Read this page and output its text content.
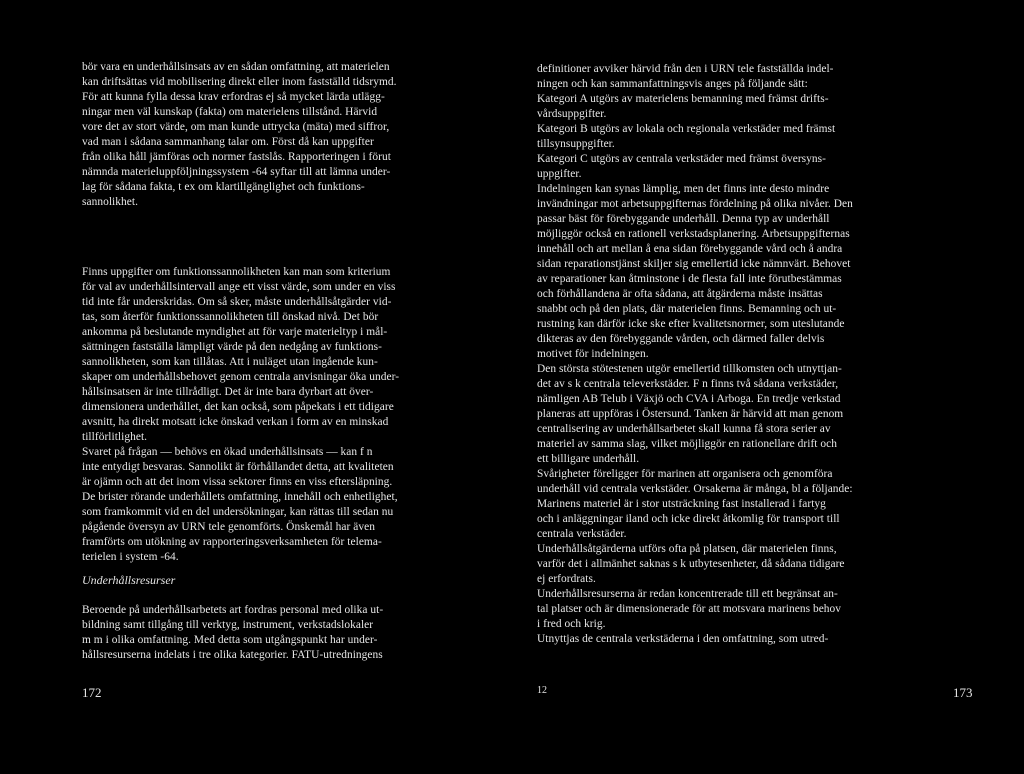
bör vara en underhållsinsats av en sådan omfattning, att materielen
kan driftsättas vid mobilisering direkt eller inom fastställd tidsrymd.
För att kunna fylla dessa krav erfordras ej så mycket lärda utlägg-
ningar men väl kunskap (fakta) om materielens tillstånd. Härvid
vore det av stort värde, om man kunde uttrycka (mäta) med siffror,
vad man i sådana sammanhang talar om. Först då kan uppgifter
från olika håll jämföras och normer fastslås. Rapporteringen i förut
nämnda materieluppföljningssystem -64 syftar till att lämna under-
lag för sådana fakta, t ex om klartillgänglighet och funktions-
sannolikhet.
Finns uppgifter om funktionssannolikheten kan man som kriterium
för val av underhållsintervall ange ett visst värde, som under en viss
tid inte får underskridas. Om så sker, måste underhållsåtgärder vid-
tas, som återför funktionssannolikheten till önskad nivå. Det bör
ankomma på beslutande myndighet att för varje materieltyp i mål-
sättningen fastställa lämpligt värde på den nedgång av funktions-
sannolikheten, som kan tillåtas. Att i nuläget utan ingående kun-
skaper om underhållsbehovet genom centrala anvisningar öka under-
hållsinsatsen är inte tillrådligt. Det är inte bara dyrbart att över-
dimensionera underhållet, det kan också, som påpekats i ett tidigare
avsnitt, ha direkt motsatt icke önskad verkan i form av en minskad
tillförlitlighet.
Svaret på frågan — behövs en ökad underhållsinsats — kan f n
inte entydigt besvaras. Sannolikt är förhållandet detta, att kvaliteten
är ojämn och att det inom vissa sektorer finns en viss eftersläpning.
De brister rörande underhållets omfattning, innehåll och enhetlighet,
som framkommit vid en del undersökningar, kan rättas till sedan nu
pågående översyn av URN tele genomförts. Önskemål har även
framförts om utökning av rapporteringsverksamheten för telema-
terielen i system -64.
Underhållsresurser
Beroende på underhållsarbetets art fordras personal med olika ut-
bildning samt tillgång till verktyg, instrument, verkstadslokaler
m m i olika omfattning. Med detta som utgångspunkt har under-
hållsresurserna indelats i tre olika kategorier. FATU-utredningens
172
definitioner avviker härvid från den i URN tele fastställda indel-
ningen och kan sammanfattningsvis anges på följande sätt:
Kategori A utgörs av materielens bemanning med främst drifts-
vårdsuppgifter.
Kategori B utgörs av lokala och regionala verkstäder med främst
tillsynsuppgifter.
Kategori C utgörs av centrala verkstäder med främst översyns-
uppgifter.
Indelningen kan synas lämplig, men det finns inte desto mindre
invändningar mot arbetsuppgifternas fördelning på olika nivåer. Den
passar bäst för förebyggande underhåll. Denna typ av underhåll
möjliggör också en rationell verkstadsplanering. Arbetsuppgifternas
innehåll och art mellan å ena sidan förebyggande vård och å andra
sidan reparationstjänst skiljer sig emellertid icke nämnvärt. Behovet
av reparationer kan åtminstone i de flesta fall inte förutbestämmas
och förhållandena är ofta sådana, att åtgärderna måste insättas
snabbt och på den plats, där materielen finns. Bemanning och ut-
rustning kan därför icke ske efter kvalitetsnormer, som uteslutande
dikteras av den förebyggande vården, och därmed faller delvis
motivet för indelningen.
Den största stötestenen utgör emellertid tillkomsten och utnyttjan-
det av s k centrala televerkstäder. F n finns två sådana verkstäder,
nämligen AB Telub i Växjö och CVA i Arboga. En tredje verkstad
planeras att uppföras i Östersund. Tanken är härvid att man genom
centralisering av underhållsarbetet skall kunna få stora serier av
materiel av samma slag, vilket möjliggör en rationellare drift och
ett billigare underhåll.
Svårigheter föreligger för marinen att organisera och genomföra
underhåll vid centrala verkstäder. Orsakerna är många, bl a följande:
Marinens materiel är i stor utsträckning fast installerad i fartyg
och i anläggningar iland och icke direkt åtkomlig för transport till
centrala verkstäder.
Underhållsåtgärderna utförs ofta på platsen, där materielen finns,
varför det i allmänhet saknas s k utbytesenheter, då sådana tidigare
ej erfordrats.
Underhållsresurserna är redan koncentrerade till ett begränsat an-
tal platser och är dimensionerade för att motsvara marinens behov
i fred och krig.
Utnyttjas de centrala verkstäderna i den omfattning, som utred-
12	173
